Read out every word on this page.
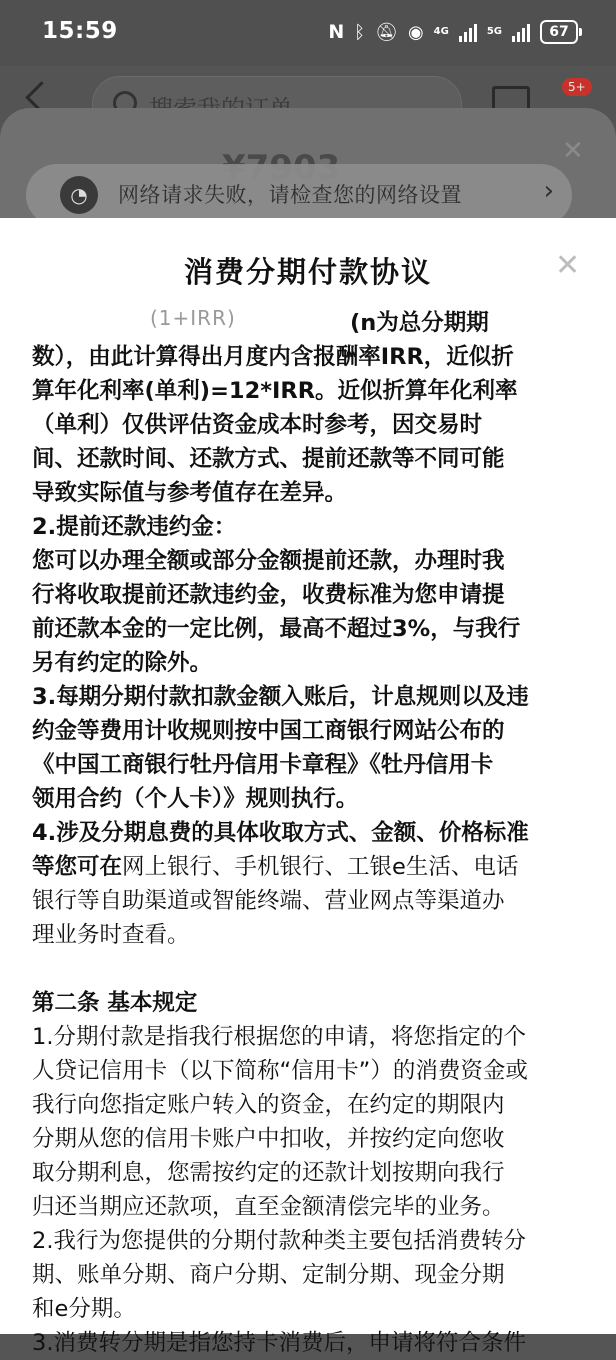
15:59	N ᛒ 🔕︎ ◉ 4G	5G	67
5+
✕
◔	网络请求失败，请检查您的网络设置	›
消费分期付款协议	✕
(1+IRR)	(n为总分期期

数），由此计算得出月度内含报酬率IRR，近似折

算年化利率(单利)=12*IRR。近似折算年化利率

（单利）仅供评估资金成本时参考，因交易时

间、还款时间、还款方式、提前还款等不同可能

导致实际值与参考值存在差异。

2.提前还款违约金：

您可以办理全额或部分金额提前还款，办理时我

行将收取提前还款违约金，收费标准为您申请提

前还款本金的一定比例，最高不超过3%，与我行

另有约定的除外。

3.每期分期付款扣款金额入账后，计息规则以及违

约金等费用计收规则按中国工商银行网站公布的

《中国工商银行牡丹信用卡章程》《牡丹信用卡

领用合约（个人卡）》规则执行。

4.涉及分期息费的具体收取方式、金额、价格标准

等您可在网上银行、手机银行、工银e生活、电话

银行等自助渠道或智能终端、营业网点等渠道办

理业务时查看。

第二条 基本规定

1.分期付款是指我行根据您的申请，将您指定的个

人贷记信用卡（以下简称“信用卡”）的消费资金或

我行向您指定账户转入的资金，在约定的期限内

分期从您的信用卡账户中扣收，并按约定向您收

取分期利息，您需按约定的还款计划按期向我行

归还当期应还款项，直至金额清偿完毕的业务。

2.我行为您提供的分期付款种类主要包括消费转分

期、账单分期、商户分期、定制分期、现金分期

和e分期。

3.消费转分期是指您持卡消费后，申请将符合条件
